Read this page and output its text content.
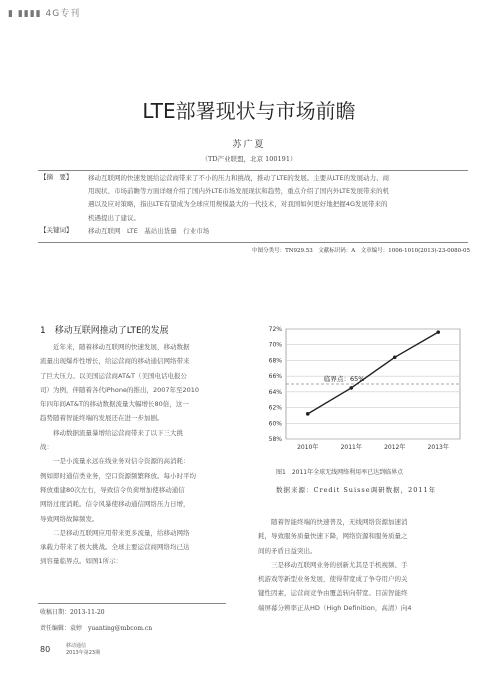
▮ ▮▮▮▮ 4G专刊
LTE部署现状与市场前瞻
苏广夏
（TD产业联盟，北京 100191）
【摘　要】	移动互联网的快速发展给运营商带来了不小的压力和挑战，推动了LTE的发展。主要从LTE的发展动力、商
用现状、市场前瞻等方面详细介绍了国内外LTE市场发展现状和趋势，重点介绍了国内外LTE发展带来的机
遇以及应对策略，指出LTE有望成为全球应用规模最大的一代技术，对我国如何更好地把握4G发展带来的
机遇提出了建议。
【关键词】	移动互联网　LTE　基站出货量　行业市场
中图分类号：TN929.53　文献标识码：A　文章编号：1006-1010(2013)-23-0080-05
1　移动互联网推动了LTE的发展

近年来，随着移动互联网的快速发展，移动数据

流量出现爆炸性增长，给运营商的移动通信网络带来

了巨大压力。以美国运营商AT&T（美国电话电报公

司）为例，伴随着各代iPhone的推出，2007年至2010

年四年间AT&T的移动数据流量大幅增长80倍，这一

趋势随着智能终端的发展还在进一步加剧。

移动数据流量暴增给运营商带来了以下三大挑

战：

一是小流量永远在线业务对信令资源的高消耗：

例如即时通信类业务，空口资源频繁释放。每小时平均

释放重建80次左右，导致信令负荷增加使移动通信

网络过度消耗。信令风暴使移动通信网络压力日增，

导致网络故障频发。

二是移动互联网应用带来更多流量，给移动网络

承载力带来了极大挑战。全球主要运营商网络均已达

到容量临界点。如图1所示：

58%
60%
62%
64%
66%
68%
70%
72%
2010年	2011年	2012年	2013年
临界点：65%
图1　2011年全球无线网络利用率已达到临界点
数据来源：Credit Suisse调研数据，2011年

随着智能终端的快速普及，无线网络资源加速消

耗，导致服务质量快速下降，网络资源和服务质量之

间的矛盾日益突出。

三是移动互联网业务的创新尤其是手机视频、手

机游戏等新型业务发展，使得带宽成了争夺用户的关

键性因素，运营商竞争由覆盖转向带宽。目前智能终

端屏幕分辨率正从HD（High Definition，高清）向4

收稿日期：2013-11-20
责任编辑：袁婷　yuanting@mbcom.cn
80	移动通信
2013年第23期
